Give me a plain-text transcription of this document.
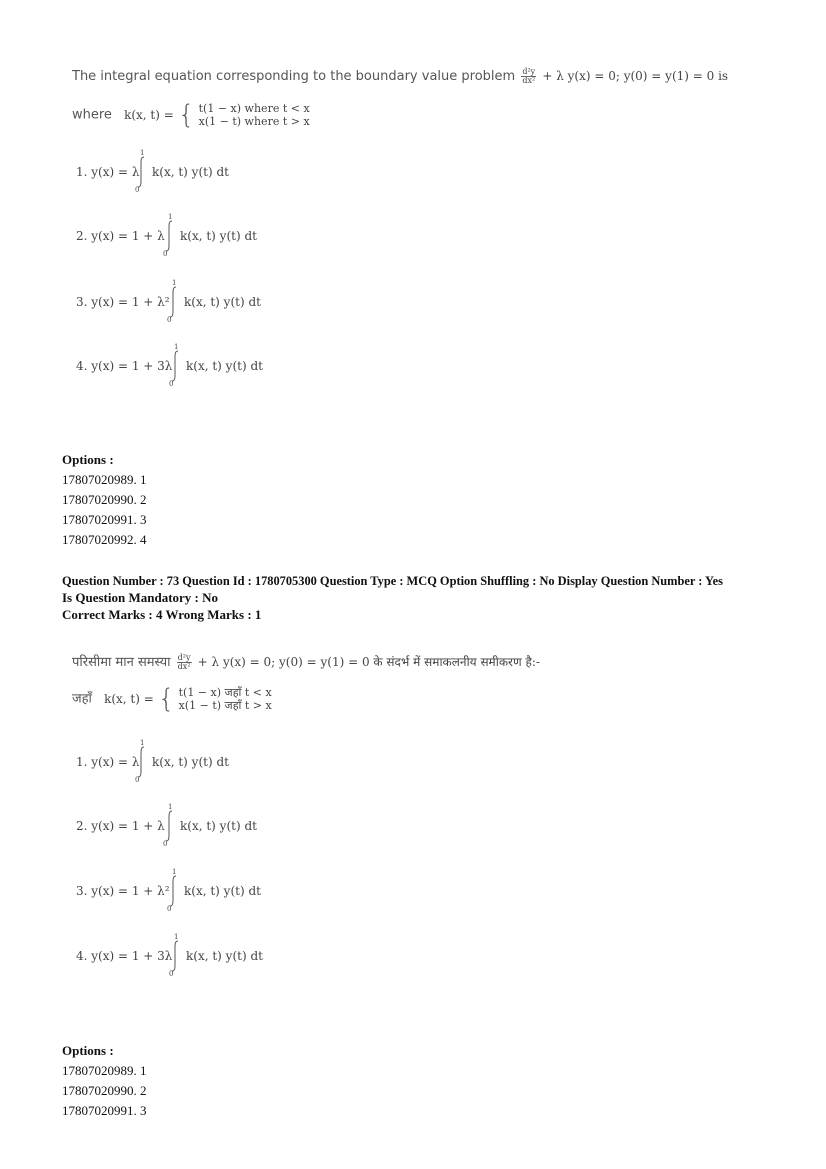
The integral equation corresponding to the boundary value problem $\frac{\text{d²y}}{\text{dx²}} + \lambda$ y(x) = 0; y(0) = y(1) = 0 is
where k(x, t) = { t(1 − x) where t < x
x(1 − t) where t > x
1. y(x) = λ
1
0
k(x, t) y(t) dt
2. y(x) = 1 + λ
1
0
k(x, t) y(t) dt
3. y(x) = 1 + λ²
1
0
k(x, t) y(t) dt
4. y(x) = 1 + 3λ
1
0
k(x, t) y(t) dt
Options :
17807020989. 1
17807020990. 2
17807020991. 3
17807020992. 4
Question Number : 73 Question Id : 1780705300 Question Type : MCQ Option Shuffling : No Display Question Number : Yes
Is Question Mandatory : No
Correct Marks : 4 Wrong Marks : 1
परिसीमा मान समस्या $\frac{\text{d²y}}{\text{dx²}} + \lambda$ y(x) = 0; y(0) = y(1) = 0 के संदर्भ में समाकलनीय समीकरण है:-
जहाँ k(x, t) = { t(1 − x) जहाँ t < x
x(1 − t) जहाँ t > x
1. y(x) = λ
1
0
k(x, t) y(t) dt
2. y(x) = 1 + λ
1
0
k(x, t) y(t) dt
3. y(x) = 1 + λ²
1
0
k(x, t) y(t) dt
4. y(x) = 1 + 3λ
1
0
k(x, t) y(t) dt
Options :
17807020989. 1
17807020990. 2
17807020991. 3
